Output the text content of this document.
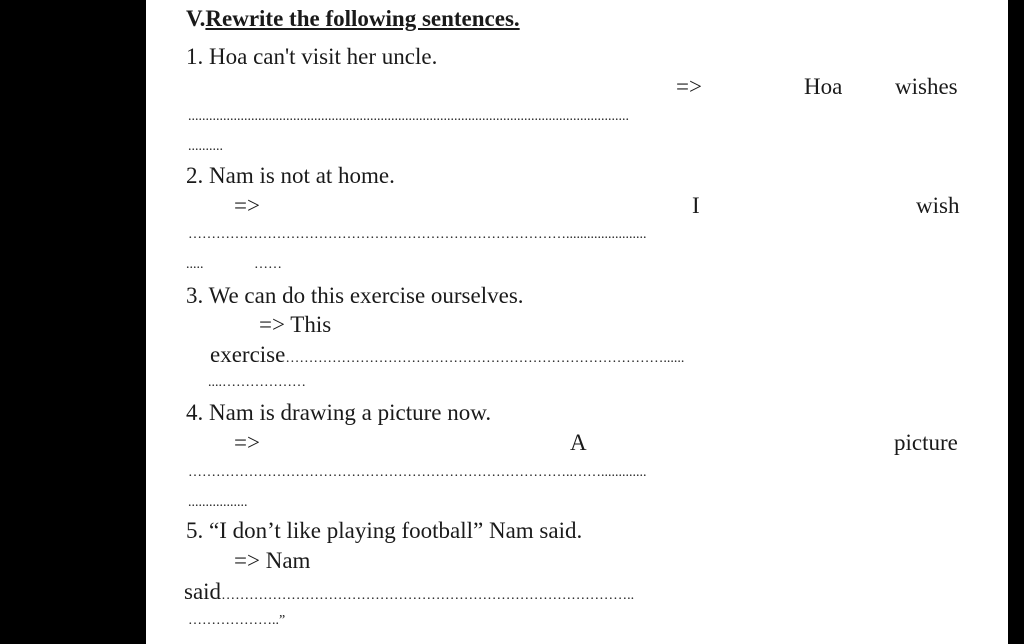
V.Rewrite the following sentences.
1. Hoa can't visit her uncle.
=>	Hoa wishes
..............................................................................................................................
..........
2. Nam is not at home.
=>	I	wish
……………………………………………………………………….......................
.....	……
3. We can do this exercise ourselves.
=> This
exercise………………………………………………………………………......
....………………
4. Nam is drawing a picture now.
=>	A	picture
………………………………………………………………………..…….............
.................
5. “I don’t like playing football” Nam said.
=> Nam
said……………………………………………………………………………..
………………..”
